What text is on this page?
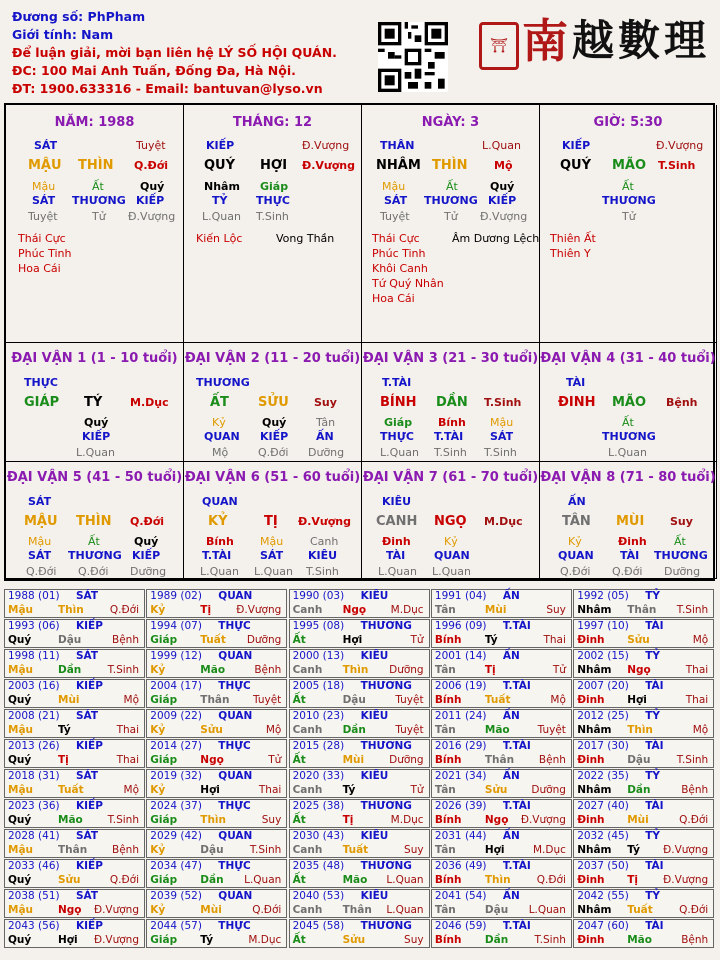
Đương số: PhPham
Giới tính: Nam
Để luận giải, mời bạn liên hệ LÝ SỐ HỘI QUÁN.
ĐC: 100 Mai Anh Tuấn, Đống Đa, Hà Nội.
ĐT: 1900.633316 - Email: bantuvan@lyso.vn
⛩ 南 越 數 理
NĂM: 1988
SÁT	Tuyệt
MẬU THÌN Q.Đới
Mậu	Ất	Quý
SÁT THƯƠNG KIẾP
Tuyệt	Tử Đ.Vượng
Thái Cực
Phúc Tinh
Hoa Cái
THÁNG: 12
KIẾP	Đ.Vượng
QUÝ HỢI Đ.Vượng
Nhâm Giáp
TỶ	THỰC
L.Quan T.Sinh
Kiến Lộc	Vong Thần
NGÀY: 3
THÂN	L.Quan
NHÂM THÌN Mộ
Mậu	Ất	Quý
SÁT THƯƠNG KIẾP
Tuyệt	Tử Đ.Vượng
Thái Cực	Âm Dương Lệch
Phúc Tinh
Khôi Canh
Tứ Quý Nhân
Hoa Cái
GIỜ: 5:30
KIẾP	Đ.Vượng
QUÝ MÃO T.Sinh
Ất
THƯƠNG
Tử
Thiên Ất
Thiên Y
ĐẠI VẬN 1 (1 - 10 tuổi)
THỰC
GIÁP TÝ	M.Dục
Quý
KIẾP
L.Quan
ĐẠI VẬN 2 (11 - 20 tuổi)
THƯƠNG
ẤT SỬU Suy
Kỷ	Quý	Tân
QUAN KIẾP	ẤN
Mộ	Q.Đới Dưỡng
ĐẠI VẬN 3 (21 - 30 tuổi)
T.TÀI
BÍNH DẦN T.Sinh
Giáp Bính Mậu
THỰC T.TÀI SÁT
L.Quan T.Sinh T.Sinh
ĐẠI VẬN 4 (31 - 40 tuổi)
TÀI
ĐINH MÃO Bệnh
Ất
THƯƠNG
L.Quan
ĐẠI VẬN 5 (41 - 50 tuổi)
SÁT
MẬU THÌN Q.Đới
Mậu	Ất	Quý
SÁT THƯƠNG KIẾP
Q.Đới Q.Đới Dưỡng
ĐẠI VẬN 6 (51 - 60 tuổi)
QUAN
KỶ	TỊ Đ.Vượng
Bính Mậu Canh
T.TÀI	SÁT KIÊU
L.Quan L.Quan T.Sinh
ĐẠI VẬN 7 (61 - 70 tuổi)
KIÊU
CANH NGỌ M.Dục
Đinh	Kỷ
TÀI	QUAN
L.Quan L.Quan
ĐẠI VẬN 8 (71 - 80 tuổi)
ẤN
TÂN MÙI Suy
Kỷ	Đinh Ất
QUAN TÀI THƯƠNG
Q.Đới Q.Đới Dưỡng
1988 (01) SÁT
Mậu Thìn Q.Đới
1989 (02) QUAN
Kỷ	Tị Đ.Vượng
1990 (03) KIÊU
Canh Ngọ M.Dục
1991 (04) ẤN
Tân	Mùi	Suy
1992 (05) TỶ
Nhâm Thân T.Sinh
1993 (06) KIẾP
Quý	Dậu	Bệnh
1994 (07) THỰC
Giáp Tuất Dưỡng
1995 (08) THƯƠNG
Ất	Hợi	Tử
1996 (09) T.TÀI
Bính Tý	Thai
1997 (10) TÀI
Đinh Sửu	Mộ
1998 (11) SÁT
Mậu Dần	T.Sinh
1999 (12) QUAN
Kỷ	Mão	Bệnh
2000 (13) KIÊU
Canh Thìn Dưỡng
2001 (14) ẤN
Tân	Tị	Tử
2002 (15) TỶ
Nhâm Ngọ	Thai
2003 (16) KIẾP
Quý	Mùi	Mộ
2004 (17) THỰC
Giáp Thân Tuyệt
2005 (18) THƯƠNG
Ất	Dậu	Tuyệt
2006 (19) T.TÀI
Bính Tuất	Mộ
2007 (20) TÀI
Đinh Hợi	Thai
2008 (21) SÁT
Mậu Tý	Thai
2009 (22) QUAN
Kỷ	Sửu	Mộ
2010 (23) KIÊU
Canh Dần	Tuyệt
2011 (24) ẤN
Tân	Mão	Tuyệt
2012 (25) TỶ
Nhâm Thìn	Mộ
2013 (26) KIẾP
Quý	Tị	Thai
2014 (27) THỰC
Giáp Ngọ	Tử
2015 (28) THƯƠNG
Ất	Mùi Dưỡng
2016 (29) T.TÀI
Bính Thân Bệnh
2017 (30) TÀI
Đinh Dậu	T.Sinh
2018 (31) SÁT
Mậu Tuất	Mộ
2019 (32) QUAN
Kỷ	Hợi	Thai
2020 (33) KIÊU
Canh Tý	Tử
2021 (34) ẤN
Tân	Sửu Dưỡng
2022 (35) TỶ
Nhâm Dần	Bệnh
2023 (36) KIẾP
Quý	Mão T.Sinh
2024 (37) THỰC
Giáp Thìn	Suy
2025 (38) THƯƠNG
Ất	Tị	M.Dục
2026 (39) T.TÀI
Bính Ngọ Đ.Vượng
2027 (40) TÀI
Đinh Mùi	Q.Đới
2028 (41) SÁT
Mậu Thân Bệnh
2029 (42) QUAN
Kỷ	Dậu	T.Sinh
2030 (43) KIÊU
Canh Tuất	Suy
2031 (44) ẤN
Tân	Hợi	M.Dục
2032 (45) TỶ
Nhâm Tý Đ.Vượng
2033 (46) KIẾP
Quý	Sửu	Q.Đới
2034 (47) THỰC
Giáp Dần L.Quan
2035 (48) THƯƠNG
Ất	Mão L.Quan
2036 (49) T.TÀI
Bính Thìn Q.Đới
2037 (50) TÀI
Đinh Tị Đ.Vượng
2038 (51) SÁT
Mậu Ngọ Đ.Vượng
2039 (52) QUAN
Kỷ	Mùi	Q.Đới
2040 (53) KIÊU
Canh Thân L.Quan
2041 (54) ẤN
Tân	Dậu L.Quan
2042 (55) TỶ
Nhâm Tuất	Q.Đới
2043 (56) KIẾP
Quý	Hợi Đ.Vượng
2044 (57) THỰC
Giáp Tý	M.Dục
2045 (58) THƯƠNG
Ất	Sửu	Suy
2046 (59) T.TÀI
Bính Dần	T.Sinh
2047 (60) TÀI
Đinh Mão	Bệnh
